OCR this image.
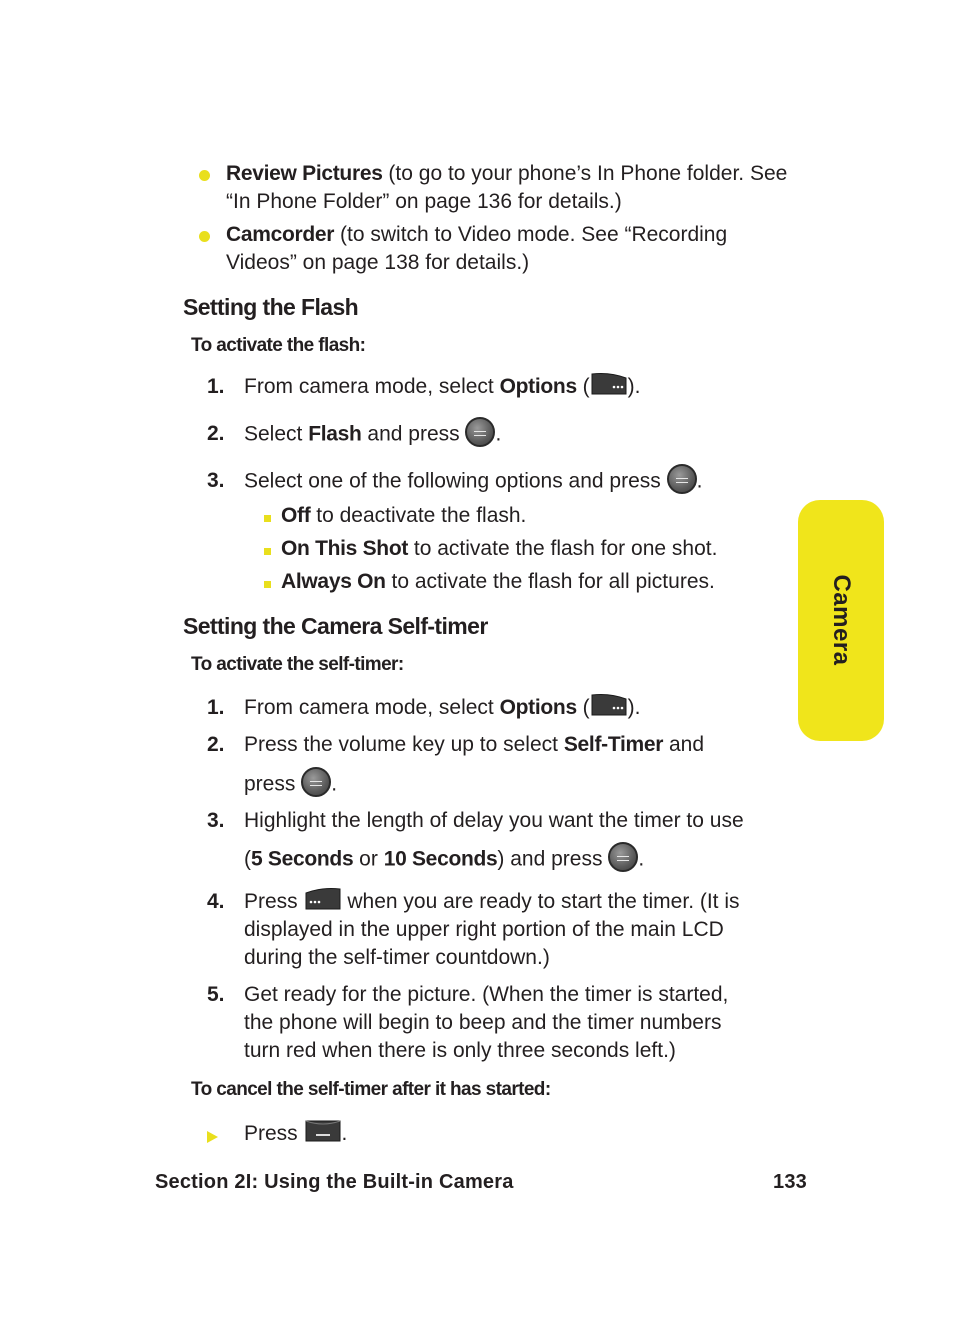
Review Pictures (to go to your phone’s In Phone folder. See
“In Phone Folder” on page 136 for details.)
Camcorder (to switch to Video mode. See “Recording
Videos” on page 138 for details.)
Setting the Flash
To activate the flash:
1. From camera mode, select Options ( ).
2. Select Flash and press .
3. Select one of the following options and press .
Off to deactivate the flash.
On This Shot to activate the flash for one shot.
Always On to activate the flash for all pictures.
Setting the Camera Self-timer
To activate the self-timer:
1. From camera mode, select Options ( ).
2. Press the volume key up to select Self-Timer and
press .
3. Highlight the length of delay you want the timer to use
(5 Seconds or 10 Seconds) and press .
4. Press  when you are ready to start the timer. (It is
displayed in the upper right portion of the main LCD
during the self-timer countdown.)
5. Get ready for the picture. (When the timer is started,
the phone will begin to beep and the timer numbers
turn red when there is only three seconds left.)
To cancel the self-timer after it has started:
Press .
Camera
Section 2I: Using the Built-in Camera	133
